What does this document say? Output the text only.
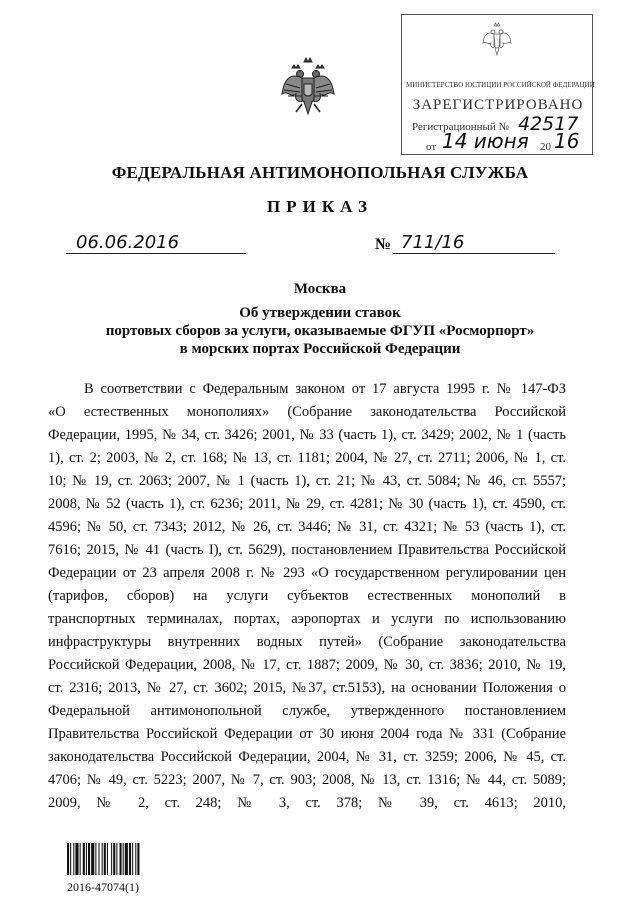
МИНИСТЕРСТВО ЮСТИЦИИ РОССИЙСКОЙ ФЕДЕРАЦИИ
ЗАРЕГИСТРИРОВАНО
Регистрационный № 42517
от 14 июня 20 16
ФЕДЕРАЛЬНАЯ АНТИМОНОПОЛЬНАЯ СЛУЖБА
ПРИКАЗ
06.06.2016	№ 711/16
Москва
Об утверждении ставок
портовых сборов за услуги, оказываемые ФГУП «Росморпорт»
в морских портах Российской Федерации
В соответствии с Федеральным законом от 17 августа 1995 г. № 147-ФЗ
«О естественных монополиях» (Собрание законодательства Российской
Федерации, 1995, № 34, ст. 3426; 2001, № 33 (часть 1), ст. 3429; 2002, № 1 (часть
1), ст. 2; 2003, № 2, ст. 168; № 13, ст. 1181; 2004, № 27, ст. 2711; 2006, № 1, ст.
10; № 19, ст. 2063; 2007, № 1 (часть 1), ст. 21; № 43, ст. 5084; № 46, ст. 5557;
2008, № 52 (часть 1), ст. 6236; 2011, № 29, ст. 4281; № 30 (часть 1), ст. 4590, ст.
4596; № 50, ст. 7343; 2012, № 26, ст. 3446; № 31, ст. 4321; № 53 (часть 1), ст.
7616; 2015, № 41 (часть I), ст. 5629), постановлением Правительства Российской
Федерации от 23 апреля 2008 г. № 293 «О государственном регулировании цен
(тарифов, сборов) на услуги субъектов естественных монополий в
транспортных терминалах, портах, аэропортах и услуги по использованию
инфраструктуры внутренних водных путей» (Собрание законодательства
Российской Федерации, 2008, № 17, ст. 1887; 2009, № 30, ст. 3836; 2010, № 19,
ст. 2316; 2013, № 27, ст. 3602; 2015, №37, ст.5153), на основании Положения о
Федеральной антимонопольной службе, утвержденного постановлением
Правительства Российской Федерации от 30 июня 2004 года № 331 (Собрание
законодательства Российской Федерации, 2004, № 31, ст. 3259; 2006, № 45, ст.
4706; № 49, ст. 5223; 2007, № 7, ст. 903; 2008, № 13, ст. 1316; № 44, ст. 5089;
2009, № 2, ст. 248; № 3, ст. 378; № 39, ст. 4613; 2010,
2016-47074(1)
